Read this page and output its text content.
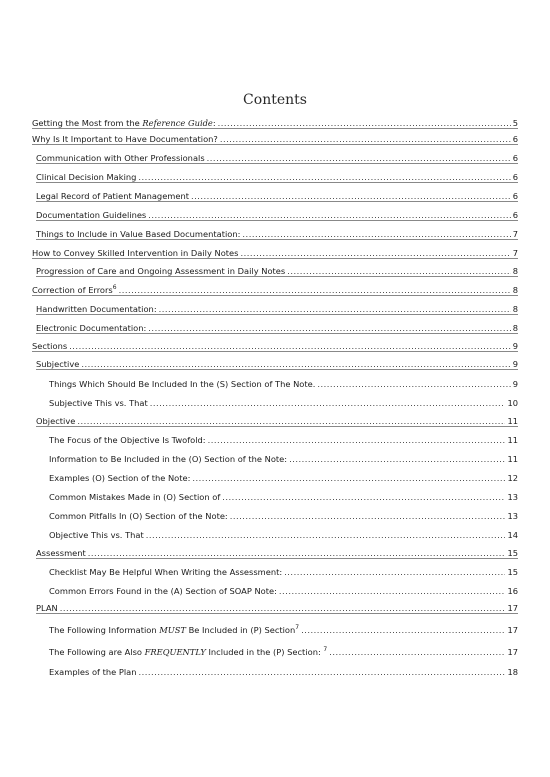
Contents
Getting the Most from the Reference Guide: .....	5
Why Is It Important to Have Documentation? .....	6
Communication with Other Professionals .....	6
Clinical Decision Making .....	6
Legal Record of Patient Management .....	6
Documentation Guidelines .....	6
Things to Include in Value Based Documentation: .....	7
How to Convey Skilled Intervention in Daily Notes .....	7
Progression of Care and Ongoing Assessment in Daily Notes .....	8
Correction of Errors$^6$ .....	8
Handwritten Documentation: .....	8
Electronic Documentation: .....	8
Sections .....	9
Subjective .....	9
Things Which Should Be Included In the (S) Section of The Note. .....	9
Subjective This vs. That .....	10
Objective .....	11
The Focus of the Objective Is Twofold: .....	11
Information to Be Included in the (O) Section of the Note: .....	11
Examples (O) Section of the Note: .....	12
Common Mistakes Made in (O) Section of .....	13
Common Pitfalls In (O) Section of the Note: .....	13
Objective This vs. That .....	14
Assessment .....	15
Checklist May Be Helpful When Writing the Assessment: .....	15
Common Errors Found in the (A) Section of SOAP Note: .....	16
PLAN .....	17
The Following Information MUST Be Included in (P) Section$^7$ .....	17
The Following are Also FREQUENTLY Included in the (P) Section: $^7$ .....	17
Examples of the Plan .....	18
